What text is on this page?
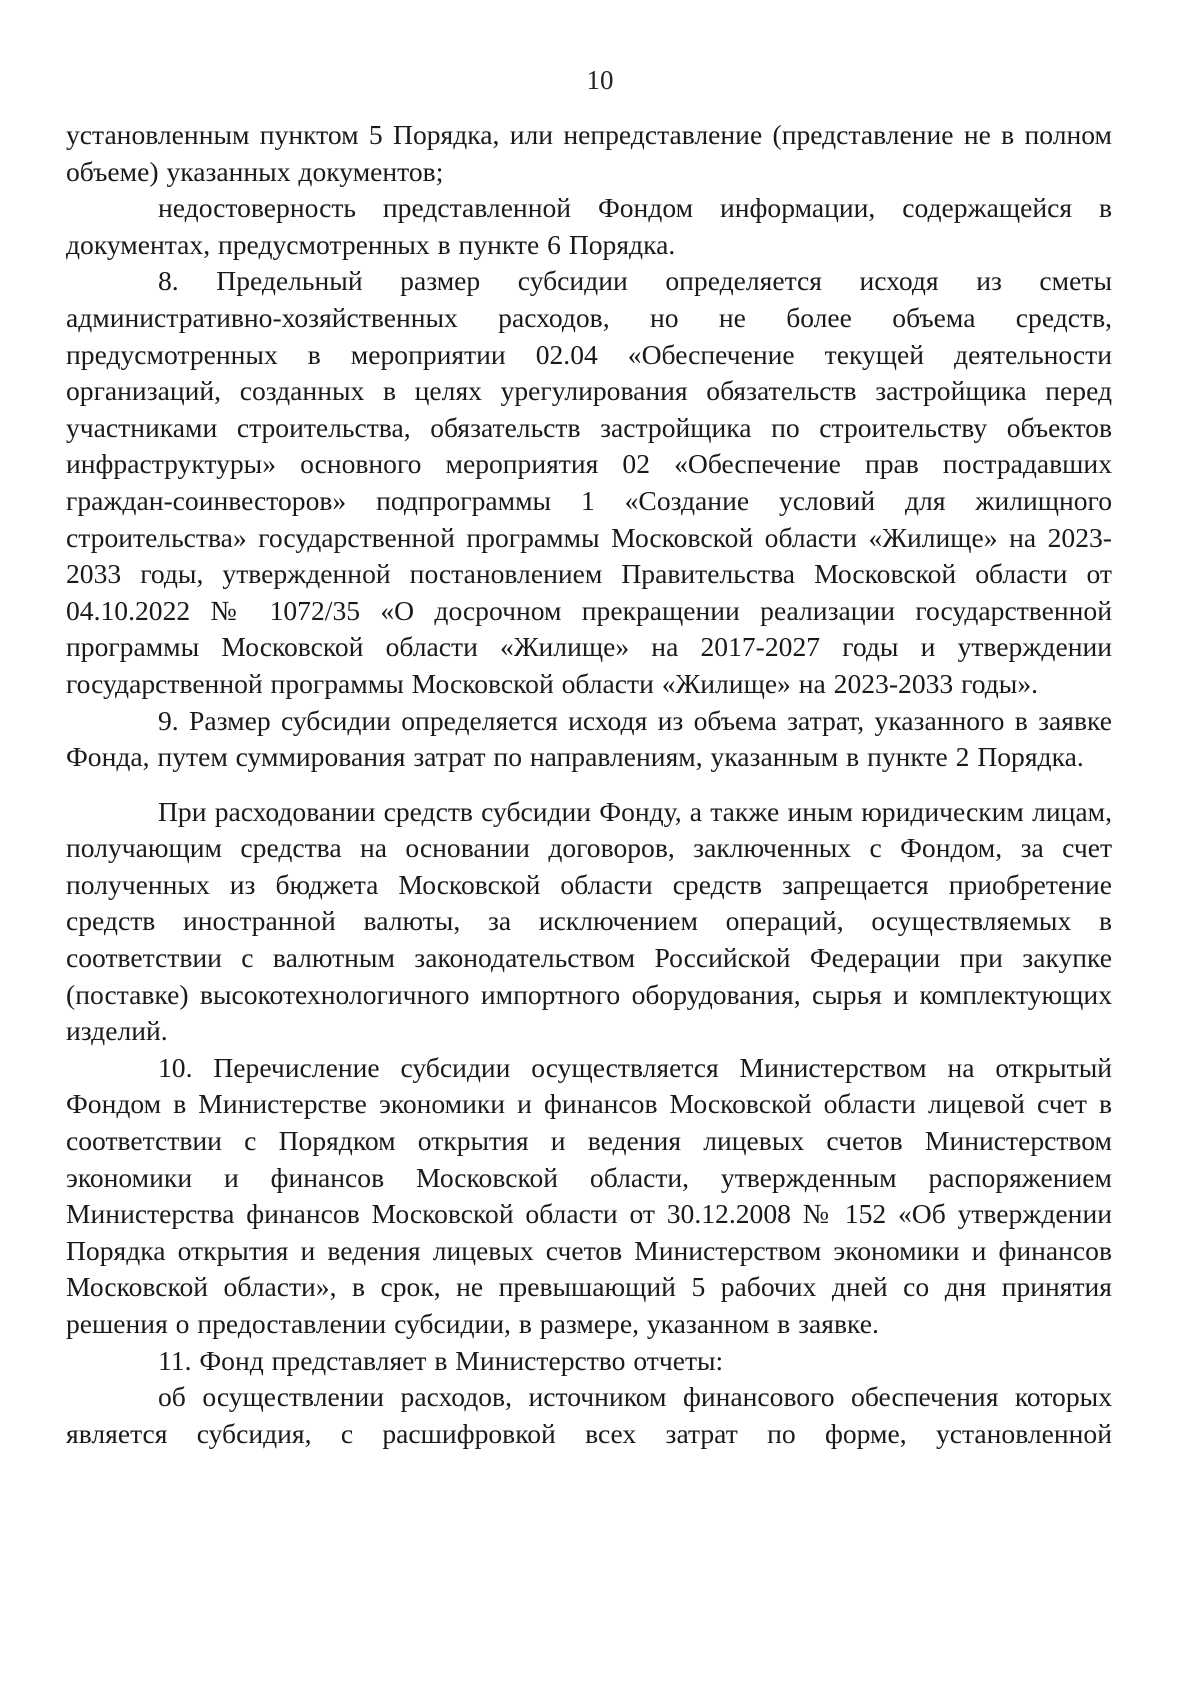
10

установленным пунктом 5 Порядка, или непредставление (представление не в полном объеме) указанных документов;

недостоверность представленной Фондом информации, содержащейся в документах, предусмотренных в пункте 6 Порядка.

8. Предельный размер субсидии определяется исходя из сметы административно-хозяйственных расходов, но не более объема средств, предусмотренных в мероприятии 02.04 «Обеспечение текущей деятельности организаций, созданных в целях урегулирования обязательств застройщика перед участниками строительства, обязательств застройщика по строительству объектов инфраструктуры» основного мероприятия 02 «Обеспечение прав пострадавших граждан-соинвесторов» подпрограммы 1 «Создание условий для жилищного строительства» государственной программы Московской области «Жилище» на 2023-2033 годы, утвержденной постановлением Правительства Московской области от 04.10.2022 № 1072/35 «О досрочном прекращении реализации государственной программы Московской области «Жилище» на 2017-2027 годы и утверждении государственной программы Московской области «Жилище» на 2023-2033 годы».

9. Размер субсидии определяется исходя из объема затрат, указанного в заявке Фонда, путем суммирования затрат по направлениям, указанным в пункте 2 Порядка.

При расходовании средств субсидии Фонду, а также иным юридическим лицам, получающим средства на основании договоров, заключенных с Фондом, за счет полученных из бюджета Московской области средств запрещается приобретение средств иностранной валюты, за исключением операций, осуществляемых в соответствии с валютным законодательством Российской Федерации при закупке (поставке) высокотехнологичного импортного оборудования, сырья и комплектующих изделий.

10. Перечисление субсидии осуществляется Министерством на открытый Фондом в Министерстве экономики и финансов Московской области лицевой счет в соответствии с Порядком открытия и ведения лицевых счетов Министерством экономики и финансов Московской области, утвержденным распоряжением Министерства финансов Московской области от 30.12.2008 № 152 «Об утверждении Порядка открытия и ведения лицевых счетов Министерством экономики и финансов Московской области», в срок, не превышающий 5 рабочих дней со дня принятия решения о предоставлении субсидии, в размере, указанном в заявке.

11. Фонд представляет в Министерство отчеты:

об осуществлении расходов, источником финансового обеспечения которых является субсидия, с расшифровкой всех затрат по форме, установленной
